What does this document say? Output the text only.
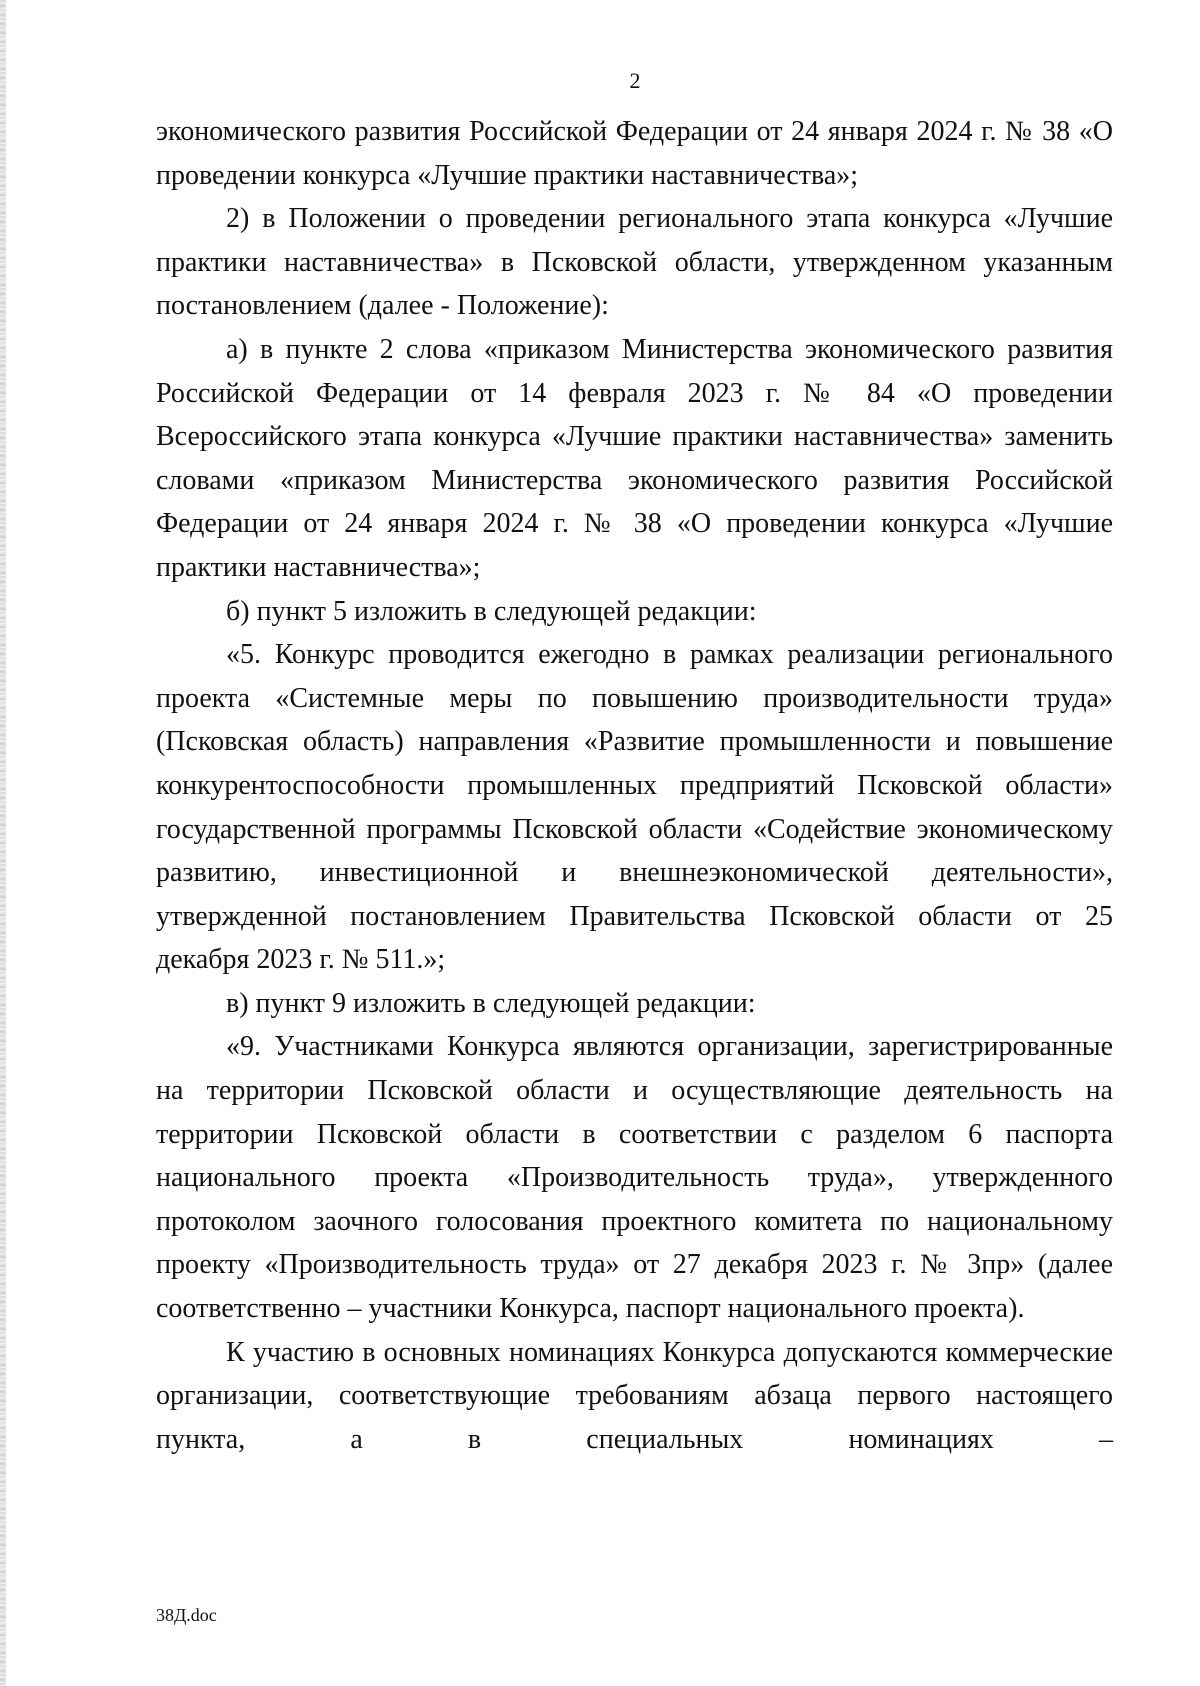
2

экономического развития Российской Федерации от 24 января 2024 г. № 38 «О проведении конкурса «Лучшие практики наставничества»;

2) в Положении о проведении регионального этапа конкурса «Лучшие практики наставничества» в Псковской области, утвержденном указанным постановлением (далее - Положение):

а) в пункте 2 слова «приказом Министерства экономического развития Российской Федерации от 14 февраля 2023 г. № 84 «О проведении Всероссийского этапа конкурса «Лучшие практики наставничества» заменить словами «приказом Министерства экономического развития Российской Федерации от 24 января 2024 г. № 38 «О проведении конкурса «Лучшие практики наставничества»;

б) пункт 5 изложить в следующей редакции:

«5. Конкурс проводится ежегодно в рамках реализации регионального проекта «Системные меры по повышению производительности труда» (Псковская область) направления «Развитие промышленности и повышение конкурентоспособности промышленных предприятий Псковской области» государственной программы Псковской области «Содействие экономическому развитию, инвестиционной и внешнеэкономической деятельности», утвержденной постановлением Правительства Псковской области от 25 декабря 2023 г. № 511.»;

в) пункт 9 изложить в следующей редакции:

«9. Участниками Конкурса являются организации, зарегистрированные на территории Псковской области и осуществляющие деятельность на территории Псковской области в соответствии с разделом 6 паспорта национального проекта «Производительность труда», утвержденного протоколом заочного голосования проектного комитета по национальному проекту «Производительность труда» от 27 декабря 2023 г. № 3пр» (далее соответственно – участники Конкурса, паспорт национального проекта).

К участию в основных номинациях Конкурса допускаются коммерческие организации, соответствующие требованиям абзаца первого настоящего пункта, а в специальных номинациях –

38Д.doc
